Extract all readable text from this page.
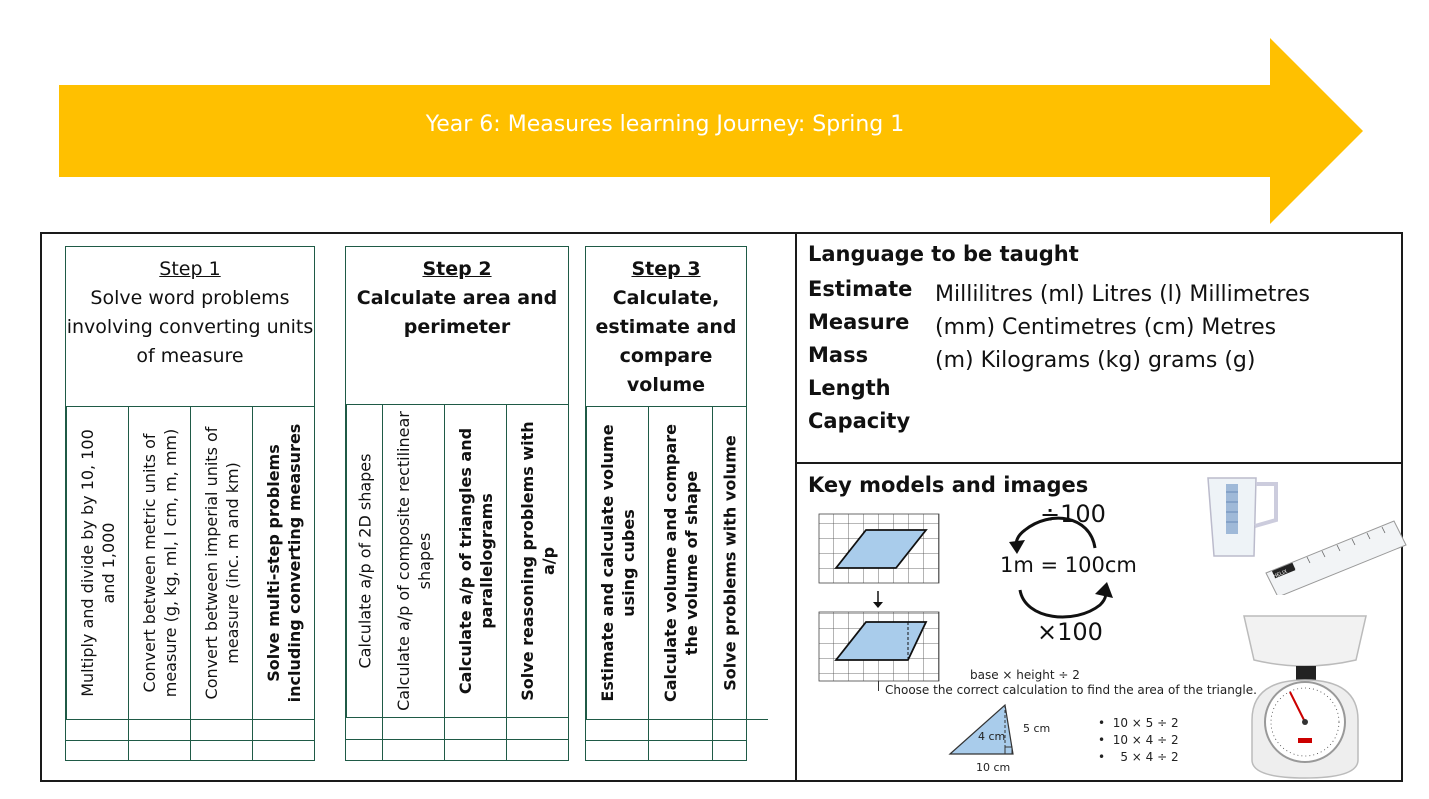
Year 6: Measures learning Journey: Spring 1
Step 1
Solve word problems involving converting units of measure
Multiply and divide by by 10, 100 and 1,000 Convert between metric units of measure (g, kg, ml, l cm, m, mm) Convert between imperial units of measure (inc. m and km) Solve multi-step problems including converting measures
Step 2
Calculate area and perimeter
Calculate a/p of 2D shapes Calculate a/p of composite rectilinear shapes Calculate a/p of triangles and parallelograms Solve reasoning problems with a/p
Step 3
Calculate, estimate and compare volume
Estimate and calculate volume using cubes Calculate volume and compare the volume of shape Solve problems with volume
Language to be taught
Estimate
Measure
Mass
Length
Capacity
Millilitres (ml) Litres (l) Millimetres (mm) Centimetres (cm) Metres (m) Kilograms (kg) grams (g)
Key models and images
÷100
1m = 100cm
×100
HELIX
base × height ÷ 2
Choose the correct calculation to find the area of the triangle.
4 cm
5 cm
10 cm
•  10 × 5 ÷ 2
•  10 × 4 ÷ 2
•    5 × 4 ÷ 2
